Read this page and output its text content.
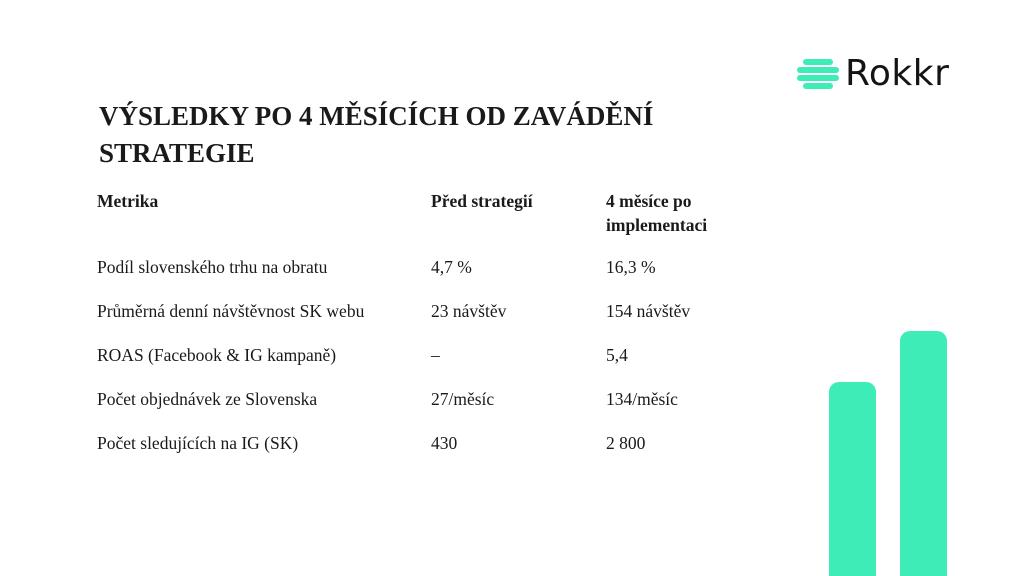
Rokkr
VÝSLEDKY PO 4 MĚSÍCÍCH OD ZAVÁDĚNÍ STRATEGIE
Metrika	Před strategií	4 měsíce po implementaci
Podíl slovenského trhu na obratu	4,7 %	16,3 %
Průměrná denní návštěvnost SK webu	23 návštěv	154 návštěv
ROAS (Facebook & IG kampaně)	–	5,4
Počet objednávek ze Slovenska	27/měsíc	134/měsíc
Počet sledujících na IG (SK)	430	2 800
